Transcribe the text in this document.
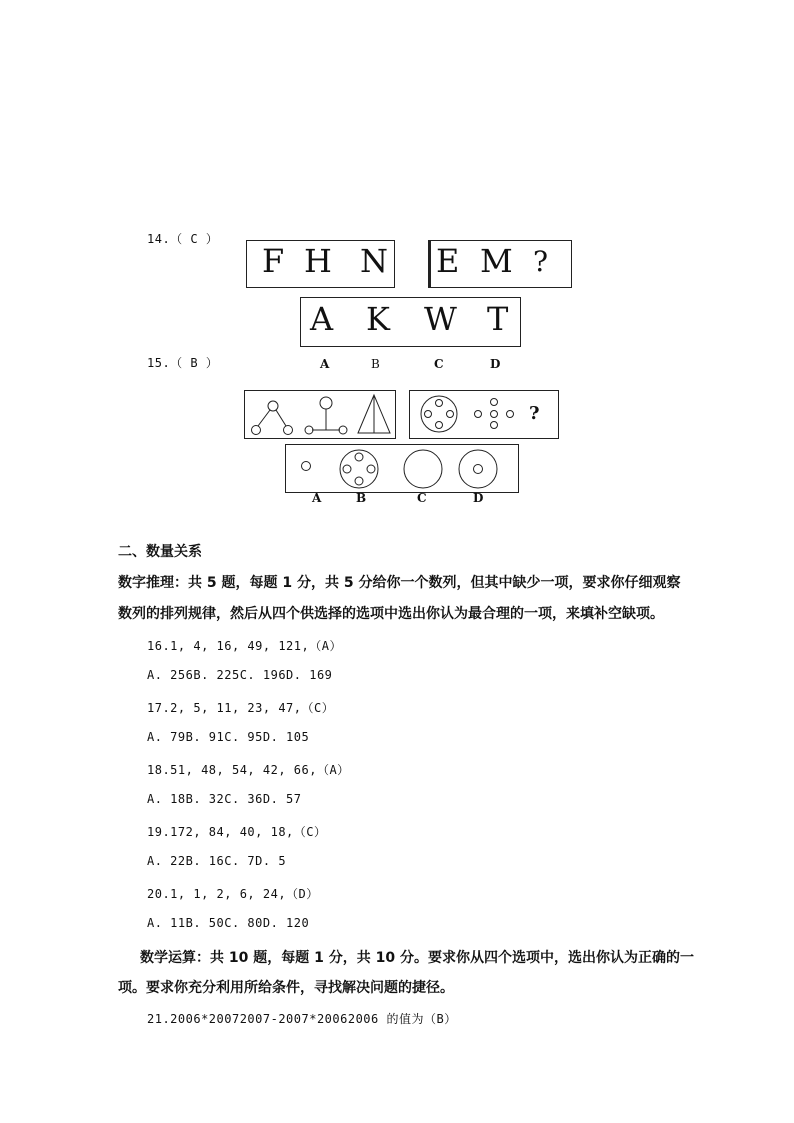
14.（ C ）
F H N E M ?
A K W T
15.（ B ）	A	B	C	D
?
A	B	C	D
二、数量关系
数字推理：共 5 题，每题 1 分，共 5 分给你一个数列，但其中缺少一项，要求你仔细观察
数列的排列规律，然后从四个供选择的选项中选出你认为最合理的一项，来填补空缺项。
16.1, 4, 16, 49, 121,（A）
A. 256B. 225C. 196D. 169
17.2, 5, 11, 23, 47,（C）
A. 79B. 91C. 95D. 105
18.51, 48, 54, 42, 66,（A）
A. 18B. 32C. 36D. 57
19.172, 84, 40, 18,（C）
A. 22B. 16C. 7D. 5
20.1, 1, 2, 6, 24,（D）
A. 11B. 50C. 80D. 120
数学运算：共 10 题，每题 1 分，共 10 分。要求你从四个选项中，选出你认为正确的一
项。要求你充分利用所给条件，寻找解决问题的捷径。
21.2006*20072007-2007*20062006 的值为（B）
